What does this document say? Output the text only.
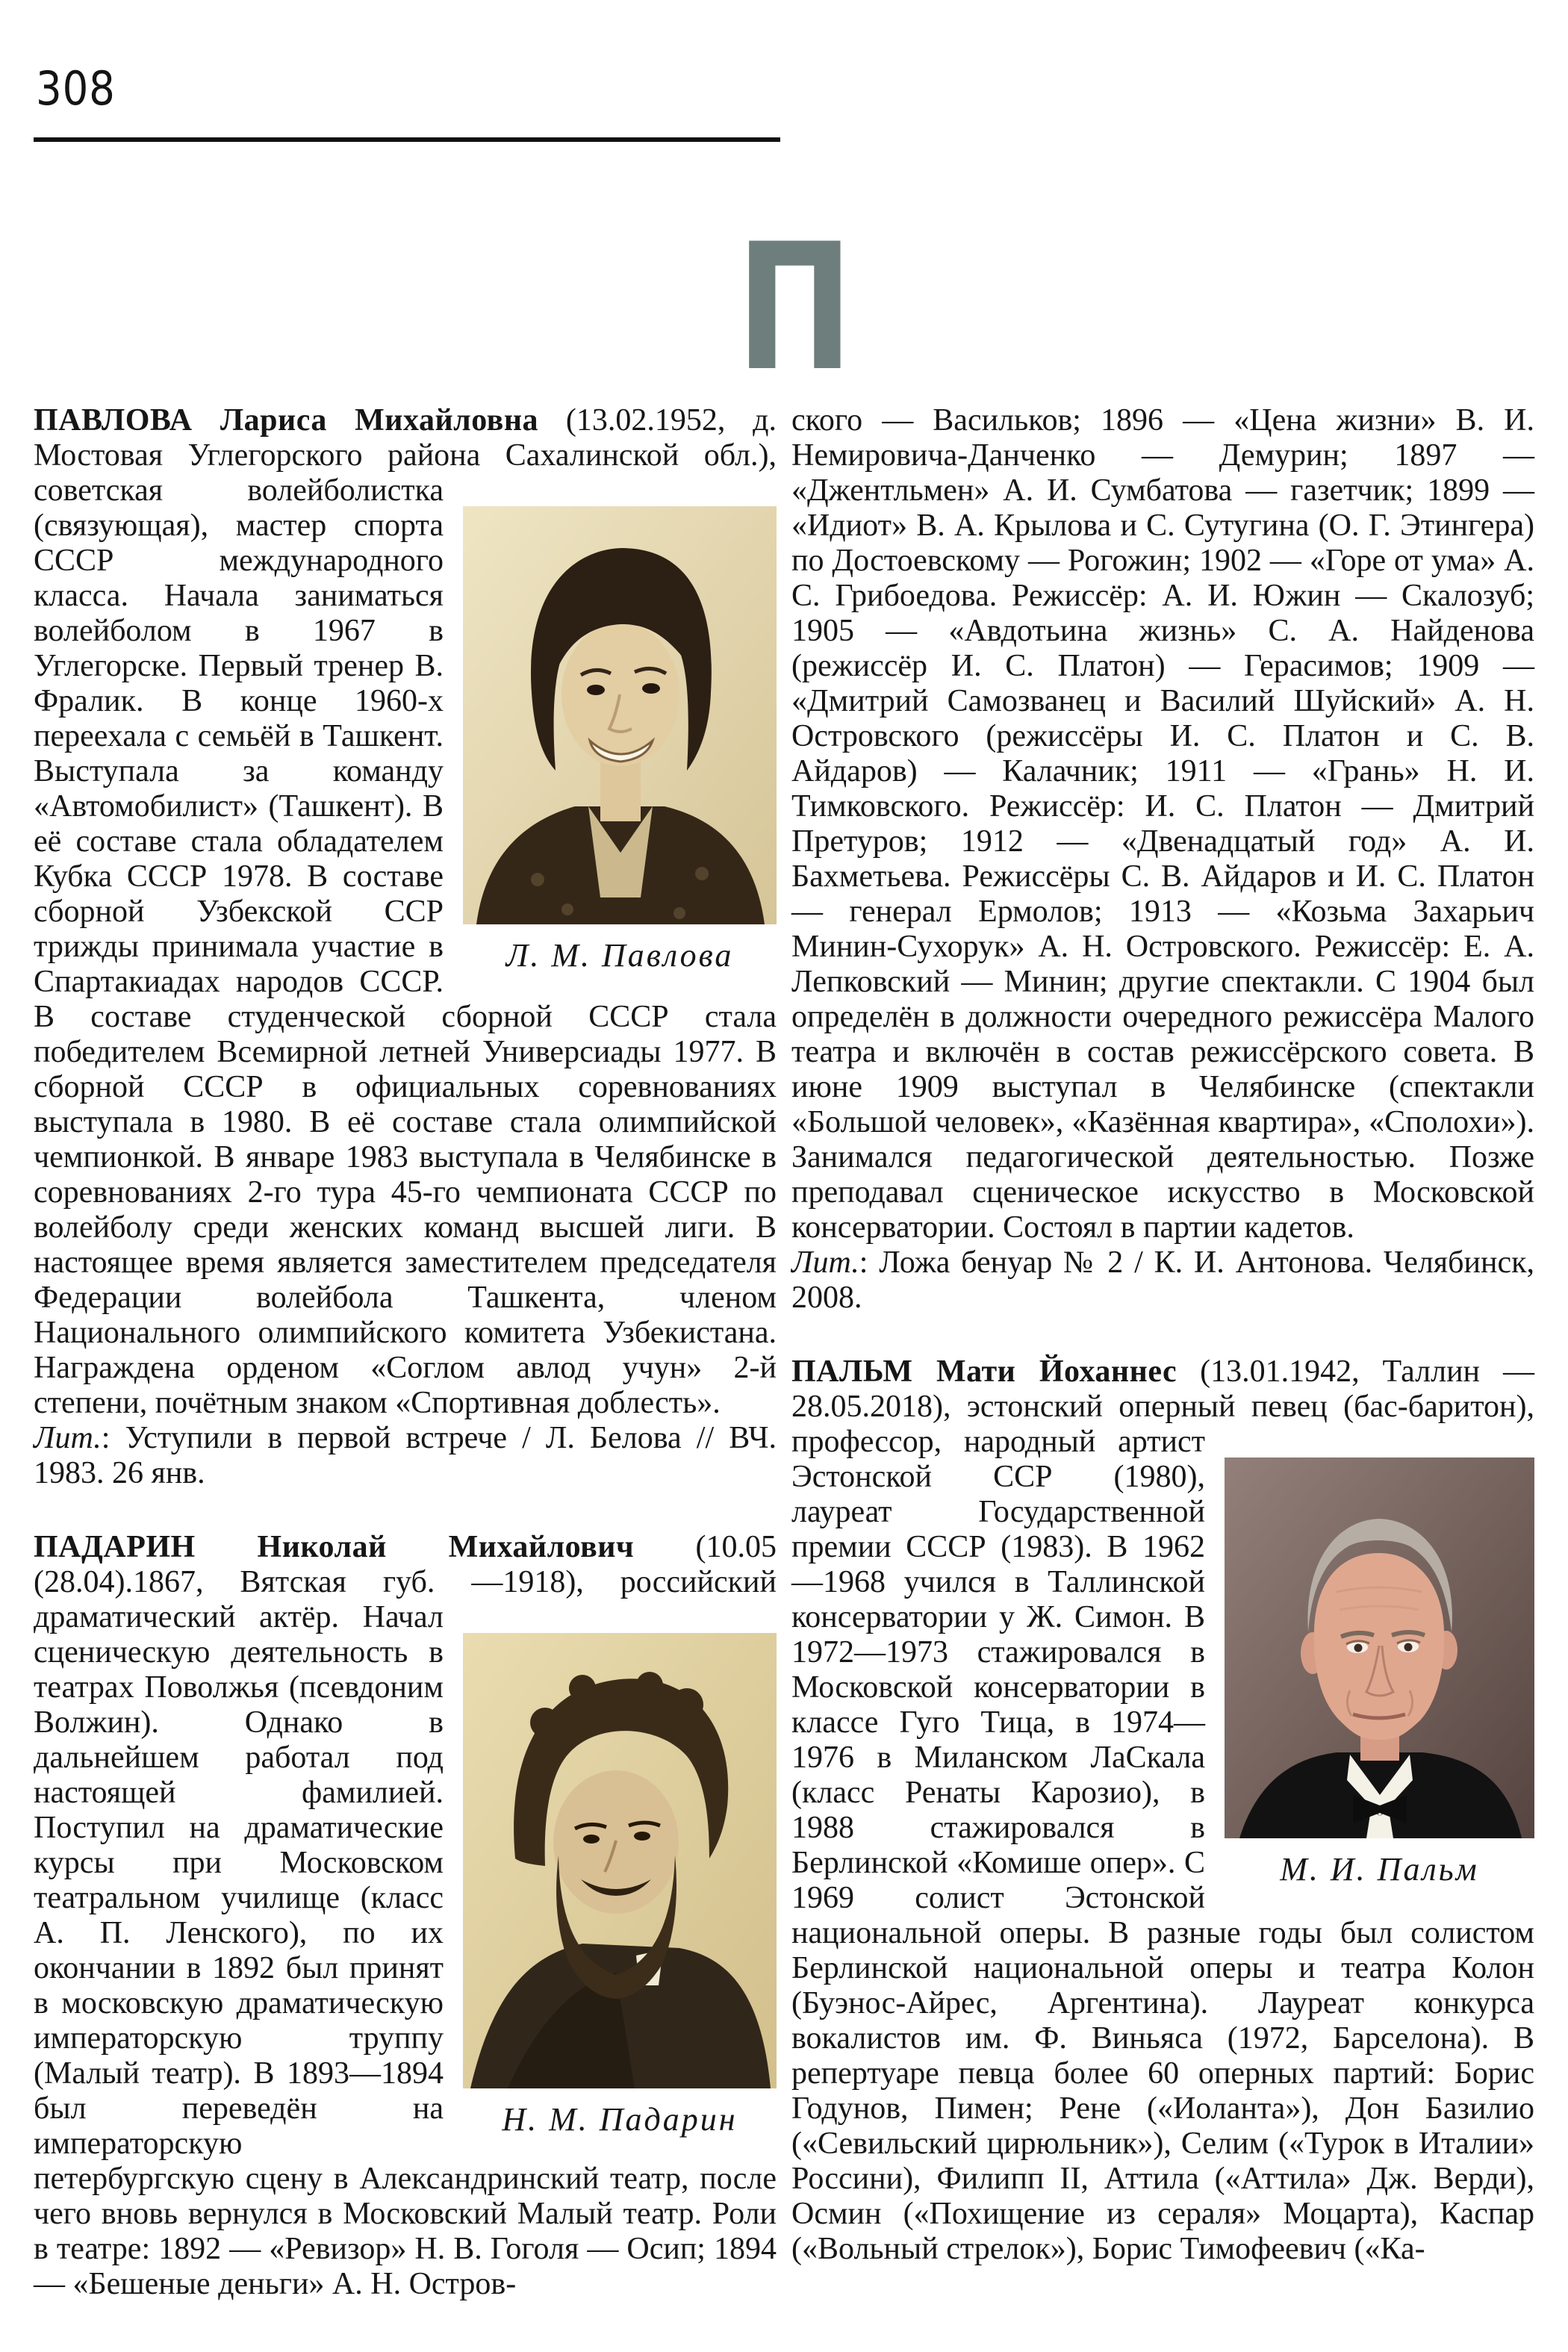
308
П

ПАВЛОВА Лариса Михайловна (13.02.1952, д. Мостовая Углегорского района Сахалинской
Л. М. Павлова
обл.), советская волейболистка (связующая), мастер спорта СССР международного класса. Начала заниматься волейболом в 1967 в Углегорске. Первый тренер В. Фралик. В конце 1960-х переехала с семьёй в Ташкент. Выступала за команду «Автомобилист» (Ташкент). В её составе стала обладателем Кубка СССР 1978. В составе сборной Узбекской ССР трижды принимала участие в Спартакиадах народов СССР. В составе студенческой сборной СССР стала победителем Всемирной летней Универсиады 1977. В сборной СССР в официальных соревнованиях выступала в 1980. В её составе стала олимпийской чемпионкой. В январе 1983 выступала в Челябинске в соревнованиях 2-го тура 45-го чемпионата СССР по волейболу среди женских команд высшей лиги. В настоящее время является заместителем председателя Федерации волейбола Ташкента, членом Национального олимпийского комитета Узбекистана. Награждена орденом «Соглом авлод учун» 2-й степени, почётным знаком «Спортивная доблесть».

Лит.: Уступили в первой встрече / Л. Белова // ВЧ. 1983. 26 янв.

ПАДАРИН Николай Михайлович (10.05 (28.04).1867, Вятская губ. —1918), российский
Н. М. Падарин
драматический актёр. Начал сценическую деятельность в театрах Поволжья (псевдоним Волжин). Однако в дальнейшем работал под настоящей фамилией. Поступил на драматические курсы при Московском театральном училище (класс А. П. Ленского), по их окончании в 1892 был принят в московскую драматическую императорскую труппу (Малый театр). В 1893—1894 был переведён на императорскую петербургскую сцену в Александринский театр, после чего вновь вернулся в Московский Малый театр. Роли в театре: 1892 — «Ревизор» Н. В. Гоголя — Осип; 1894 — «Бешеные деньги» А. Н. Остров-

ского — Васильков; 1896 — «Цена жизни» В. И. Немировича-Данченко — Демурин; 1897 — «Джентльмен» А. И. Сумбатова — газетчик; 1899 — «Идиот» В. А. Крылова и С. Сутугина (О. Г. Этингера) по Достоевскому — Рогожин; 1902 — «Горе от ума» А. С. Грибоедова. Режиссёр: А. И. Южин — Скалозуб; 1905 — «Авдотьина жизнь» С. А. Найденова (режиссёр И. С. Платон) — Герасимов; 1909 — «Дмитрий Самозванец и Василий Шуйский» А. Н. Островского (режиссёры И. С. Платон и С. В. Айдаров) — Калачник; 1911 — «Грань» Н. И. Тимковского. Режиссёр: И. С. Платон — Дмитрий Претуров; 1912 — «Двенадцатый год» А. И. Бахметьева. Режиссёры С. В. Айдаров и И. С. Платон — генерал Ермолов; 1913 — «Козьма Захарьич Минин-Сухорук» А. Н. Островского. Режиссёр: Е. А. Лепковский — Минин; другие спектакли. С 1904 был определён в должности очередного режиссёра Малого театра и включён в состав режиссёрского совета. В июне 1909 выступал в Челябинске (спектакли «Большой человек», «Казённая квартира», «Сполохи»). Занимался педагогической деятельностью. Позже преподавал сценическое искусство в Московской консерватории. Состоял в партии кадетов.

Лит.: Ложа бенуар № 2 / К. И. Антонова. Челябинск, 2008.

ПАЛЬМ Мати Йоханнес (13.01.1942, Таллин — 28.05.2018), эстонский оперный певец
М. И. Пальм
(бас-баритон), профессор, народный артист Эстонской ССР (1980), лауреат Государственной премии СССР (1983). В 1962—1968 учился в Таллинской консерватории у Ж. Симон. В 1972—1973 стажировался в Московской консерватории в классе Гуго Тица, в 1974—1976 в Миланском ЛаСкала (класс Ренаты Карозио), в 1988 стажировался в Берлинской «Комише опер». С 1969 солист Эстонской национальной оперы. В разные годы был солистом Берлинской национальной оперы и театра Колон (Буэнос-Айрес, Аргентина). Лауреат конкурса вокалистов им. Ф. Виньяса (1972, Барселона). В репертуаре певца более 60 оперных партий: Борис Годунов, Пимен; Рене («Иоланта»), Дон Базилио («Севильский цирюльник»), Селим («Турок в Италии» Россини), Филипп II, Аттила («Аттила» Дж. Верди), Осмин («Похищение из сераля» Моцарта), Каспар («Вольный стрелок»), Борис Тимофеевич («Ка-
